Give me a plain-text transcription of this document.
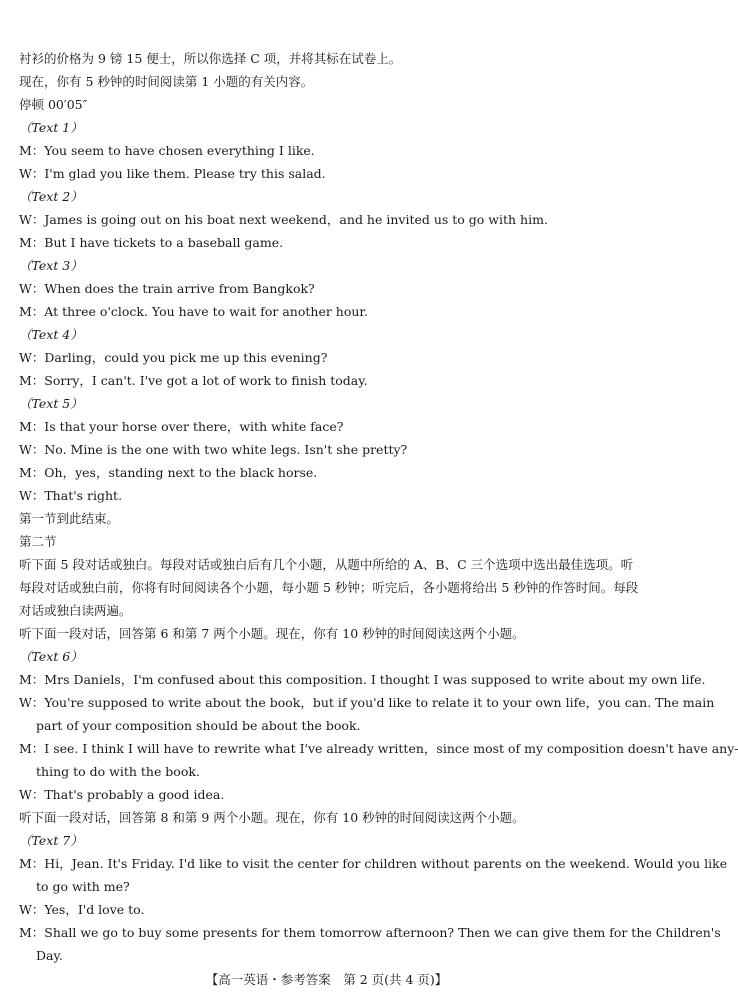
衬衫的价格为 9 镑 15 便士，所以你选择 C 项，并将其标在试卷上。
现在，你有 5 秒钟的时间阅读第 1 小题的有关内容。
停顿 00′05″
（Text 1）
M：You seem to have chosen everything I like.
W：I'm glad you like them. Please try this salad.
（Text 2）
W：James is going out on his boat next weekend，and he invited us to go with him.
M：But I have tickets to a baseball game.
（Text 3）
W：When does the train arrive from Bangkok?
M：At three o'clock. You have to wait for another hour.
（Text 4）
W：Darling，could you pick me up this evening?
M：Sorry，I can't. I've got a lot of work to finish today.
（Text 5）
M：Is that your horse over there，with white face?
W：No. Mine is the one with two white legs. Isn't she pretty?
M：Oh，yes，standing next to the black horse.
W：That's right.
第一节到此结束。
第二节
听下面 5 段对话或独白。每段对话或独白后有几个小题，从题中所给的 A、B、C 三个选项中选出最佳选项。听
每段对话或独白前，你将有时间阅读各个小题，每小题 5 秒钟；听完后，各小题将给出 5 秒钟的作答时间。每段
对话或独白读两遍。
听下面一段对话，回答第 6 和第 7 两个小题。现在，你有 10 秒钟的时间阅读这两个小题。
（Text 6）
M：Mrs Daniels，I'm confused about this composition. I thought I was supposed to write about my own life.
W：You're supposed to write about the book，but if you'd like to relate it to your own life，you can. The main
part of your composition should be about the book.
M：I see. I think I will have to rewrite what I've already written，since most of my composition doesn't have any-
thing to do with the book.
W：That's probably a good idea.
听下面一段对话，回答第 8 和第 9 两个小题。现在，你有 10 秒钟的时间阅读这两个小题。
（Text 7）
M：Hi，Jean. It's Friday. I'd like to visit the center for children without parents on the weekend. Would you like
to go with me?
W：Yes，I'd love to.
M：Shall we go to buy some presents for them tomorrow afternoon? Then we can give them for the Children's
Day.
【高一英语・参考答案　第 2 页(共 4 页)】
